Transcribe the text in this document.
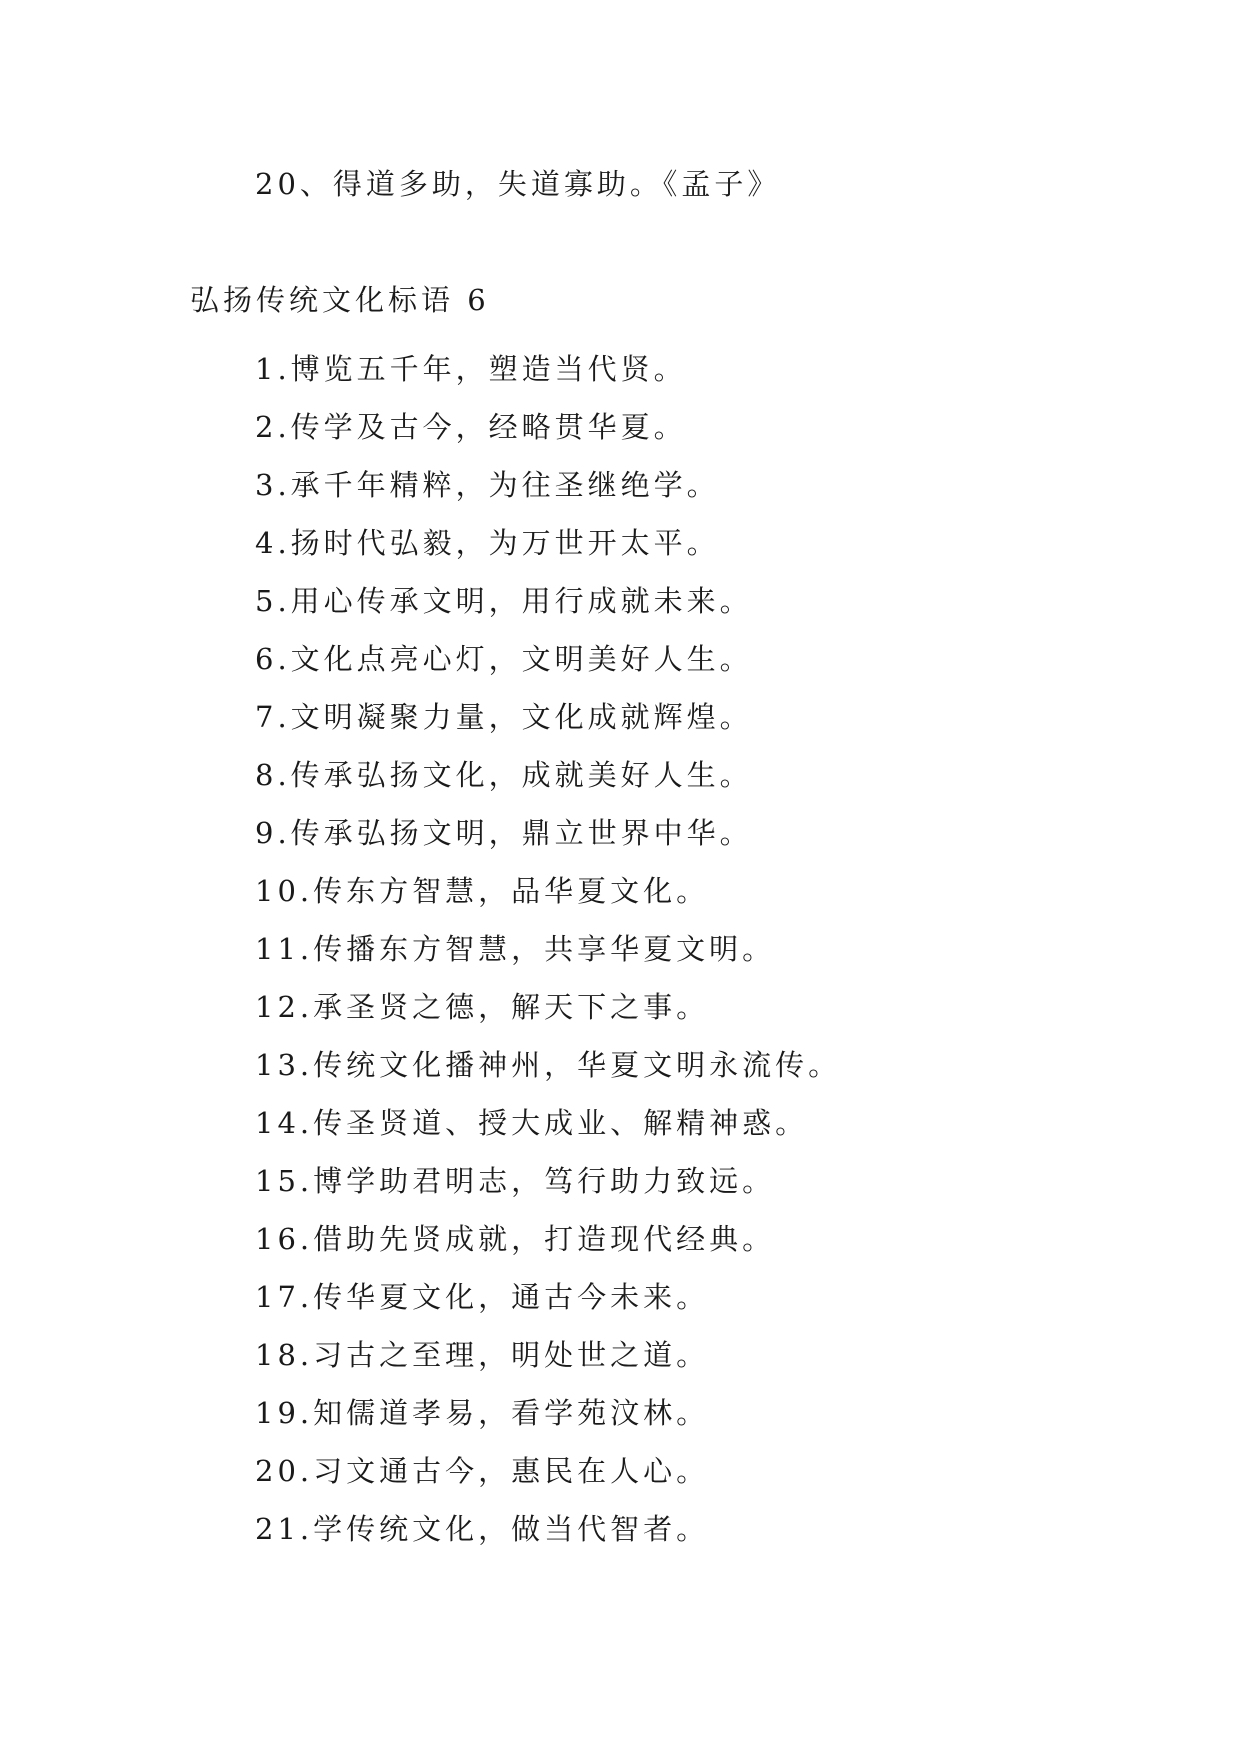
20、得道多助，失道寡助。《孟子》
弘扬传统文化标语 6
1.博览五千年，塑造当代贤。
2.传学及古今，经略贯华夏。
3.承千年精粹，为往圣继绝学。
4.扬时代弘毅，为万世开太平。
5.用心传承文明，用行成就未来。
6.文化点亮心灯，文明美好人生。
7.文明凝聚力量，文化成就辉煌。
8.传承弘扬文化，成就美好人生。
9.传承弘扬文明，鼎立世界中华。
10.传东方智慧，品华夏文化。
11.传播东方智慧，共享华夏文明。
12.承圣贤之德，解天下之事。
13.传统文化播神州，华夏文明永流传。
14.传圣贤道、授大成业、解精神惑。
15.博学助君明志，笃行助力致远。
16.借助先贤成就，打造现代经典。
17.传华夏文化，通古今未来。
18.习古之至理，明处世之道。
19.知儒道孝易，看学苑汶林。
20.习文通古今，惠民在人心。
21.学传统文化，做当代智者。
